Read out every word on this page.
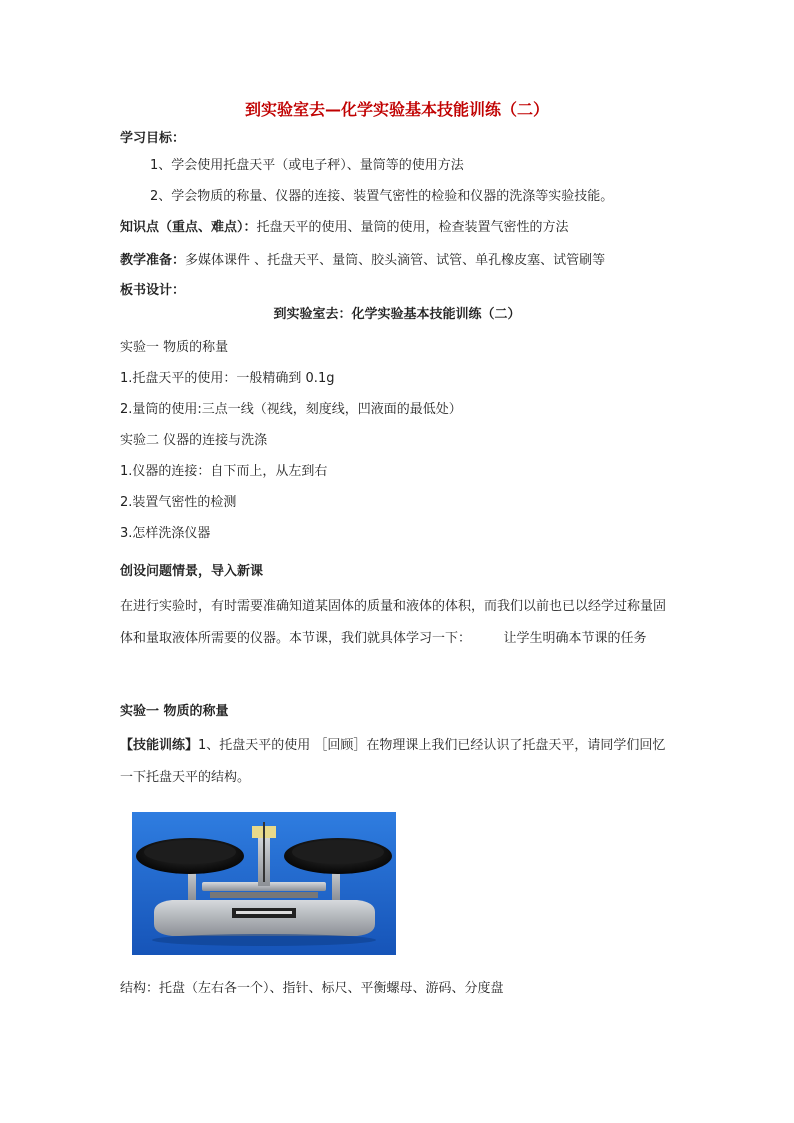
到实验室去—化学实验基本技能训练（二）
学习目标：
1、学会使用托盘天平（或电子秤）、量筒等的使用方法
2、学会物质的称量、仪器的连接、装置气密性的检验和仪器的洗涤等实验技能。
知识点（重点、难点）：托盘天平的使用、量筒的使用，检查装置气密性的方法
教学准备：多媒体课件 、托盘天平、量筒、胶头滴管、试管、单孔橡皮塞、试管刷等
板书设计：
到实验室去：化学实验基本技能训练（二）
实验一 物质的称量
1.托盘天平的使用：一般精确到 0.1g
2.量筒的使用:三点一线（视线，刻度线，凹液面的最低处）
实验二 仪器的连接与洗涤
1.仪器的连接：自下而上，从左到右
2.装置气密性的检测
3.怎样洗涤仪器
创设问题情景，导入新课
在进行实验时，有时需要准确知道某固体的质量和液体的体积，而我们以前也已以经学过称量固体和量取液体所需要的仪器。本节课，我们就具体学习一下：　　　让学生明确本节课的任务
实验一 物质的称量
【技能训练】1、托盘天平的使用 ［回顾］在物理课上我们已经认识了托盘天平，请同学们回忆一下托盘天平的结构。
结构：托盘（左右各一个）、指针、标尺、平衡螺母、游码、分度盘
